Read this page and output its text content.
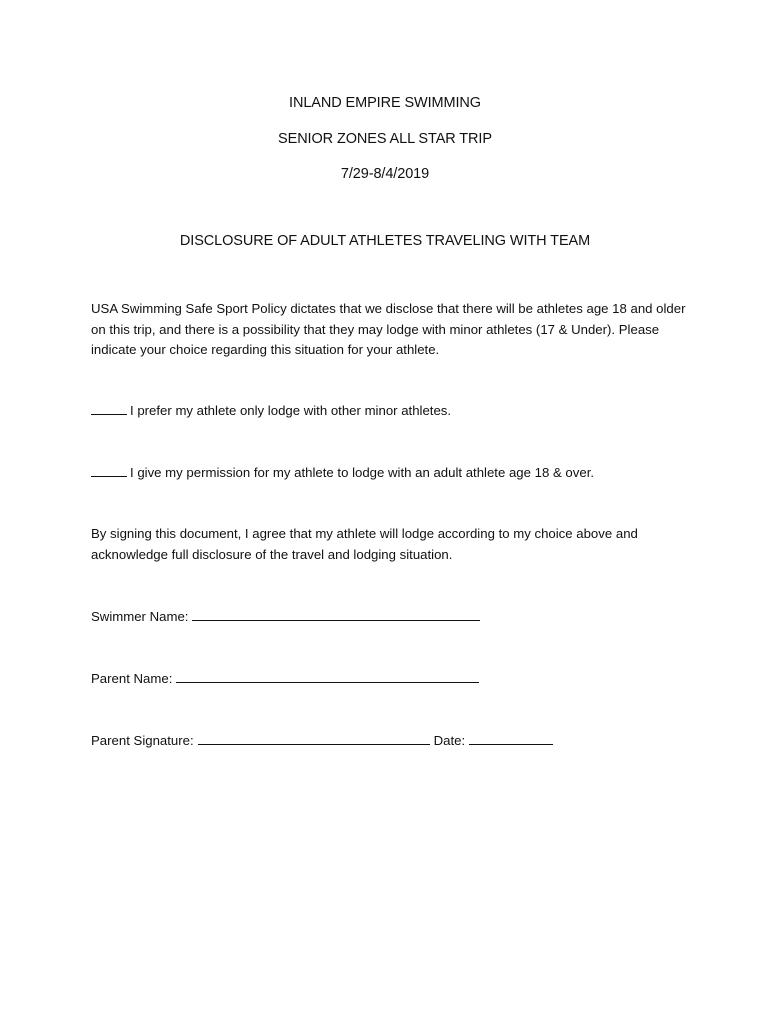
INLAND EMPIRE SWIMMING
SENIOR ZONES ALL STAR TRIP
7/29-8/4/2019
DISCLOSURE OF ADULT ATHLETES TRAVELING WITH TEAM
USA Swimming Safe Sport Policy dictates that we disclose that there will be athletes age 18 and older on this trip, and there is a possibility that they may lodge with minor athletes (17 & Under). Please indicate your choice regarding this situation for your athlete.
I prefer my athlete only lodge with other minor athletes.
I give my permission for my athlete to lodge with an adult athlete age 18 & over.
By signing this document, I agree that my athlete will lodge according to my choice above and acknowledge full disclosure of the travel and lodging situation.
Swimmer Name:
Parent Name:
Parent Signature:	Date:
